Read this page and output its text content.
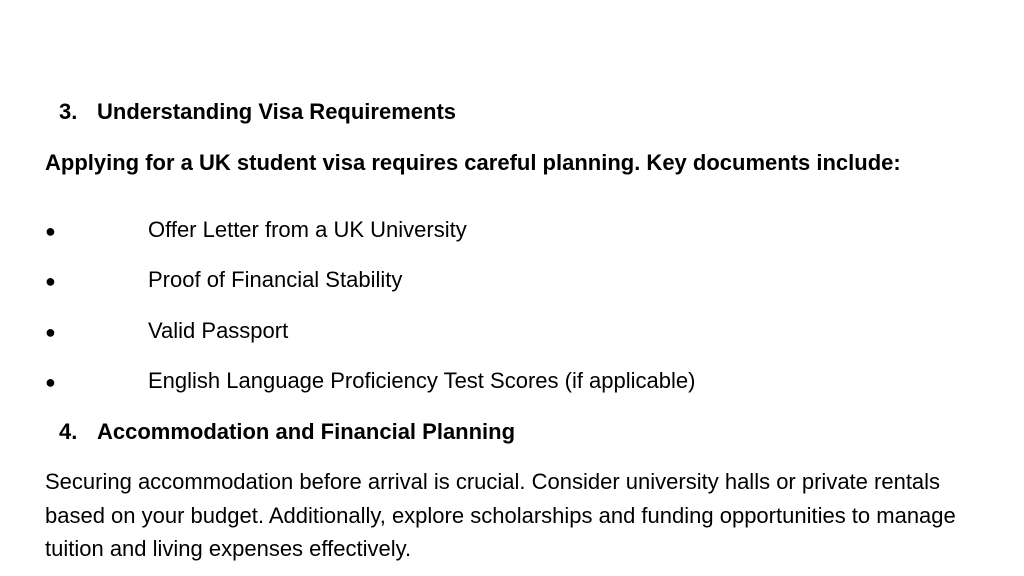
3. Understanding Visa Requirements
Applying for a UK student visa requires careful planning. Key documents include:
●	Offer Letter from a UK University
●	Proof of Financial Stability
●	Valid Passport
●	English Language Proficiency Test Scores (if applicable)
4. Accommodation and Financial Planning
Securing accommodation before arrival is crucial. Consider university halls or private rentals based on your budget. Additionally, explore scholarships and funding opportunities to manage tuition and living expenses effectively.
